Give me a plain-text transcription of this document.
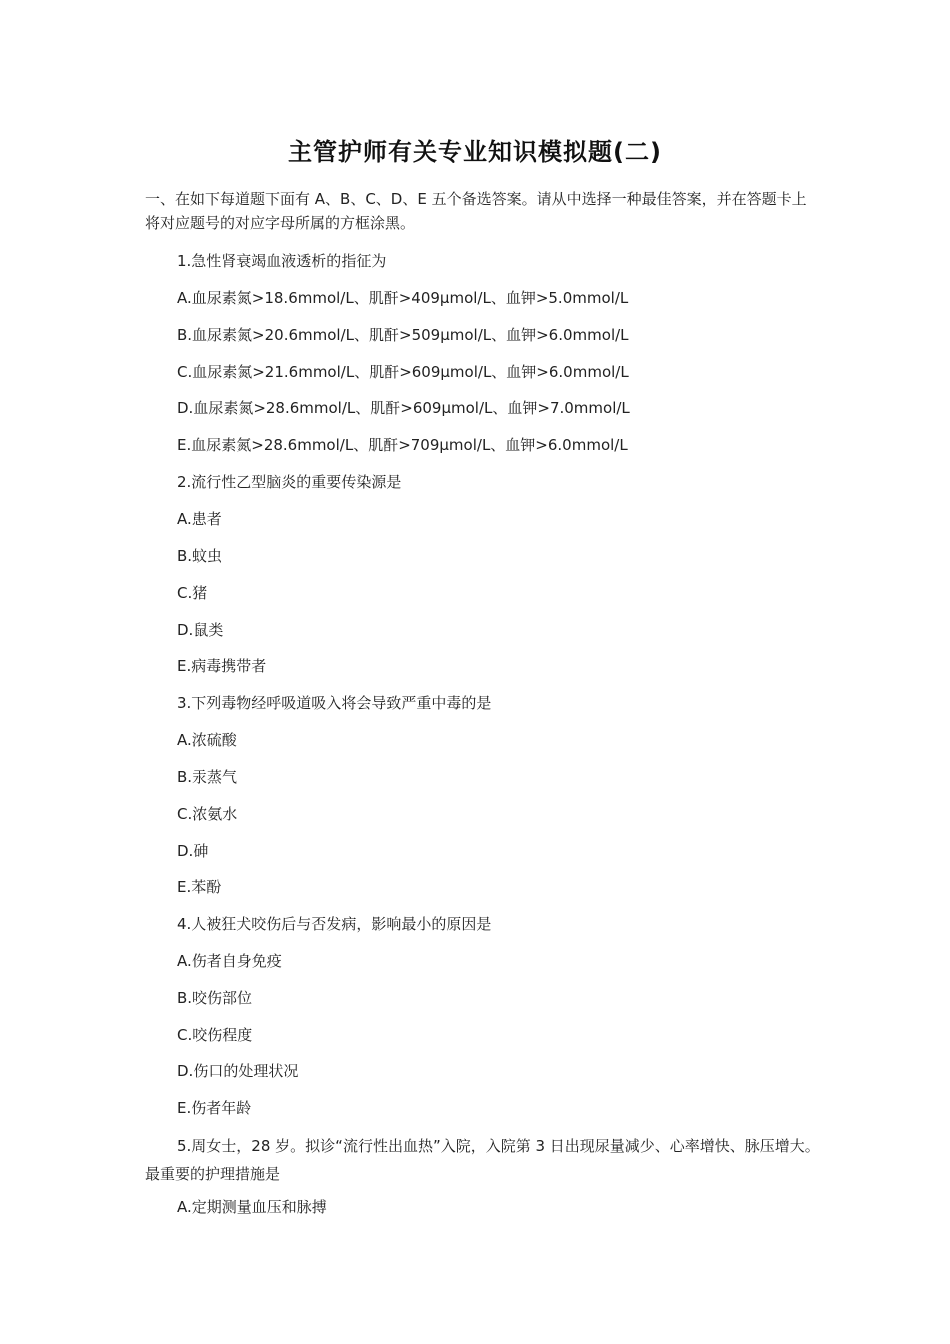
主管护师有关专业知识模拟题(二)
一、在如下每道题下面有 A、B、C、D、E 五个备选答案。请从中选择一种最佳答案，并在答题卡上将对应题号的对应字母所属的方框涂黑。
1.急性肾衰竭血液透析的指征为
A.血尿素氮>18.6mmol/L、肌酐>409μmol/L、血钾>5.0mmol/L
B.血尿素氮>20.6mmol/L、肌酐>509μmol/L、血钾>6.0mmol/L
C.血尿素氮>21.6mmol/L、肌酐>609μmol/L、血钾>6.0mmol/L
D.血尿素氮>28.6mmol/L、肌酐>609μmol/L、血钾>7.0mmol/L
E.血尿素氮>28.6mmol/L、肌酐>709μmol/L、血钾>6.0mmol/L
2.流行性乙型脑炎的重要传染源是
A.患者
B.蚊虫
C.猪
D.鼠类
E.病毒携带者
3.下列毒物经呼吸道吸入将会导致严重中毒的是
A.浓硫酸
B.汞蒸气
C.浓氨水
D.砷
E.苯酚
4.人被狂犬咬伤后与否发病，影响最小的原因是
A.伤者自身免疫
B.咬伤部位
C.咬伤程度
D.伤口的处理状况
E.伤者年龄
5.周女士，28 岁。拟诊“流行性出血热”入院，入院第 3 日出现尿量减少、心率增快、脉压增大。最重要的护理措施是
A.定期测量血压和脉搏
